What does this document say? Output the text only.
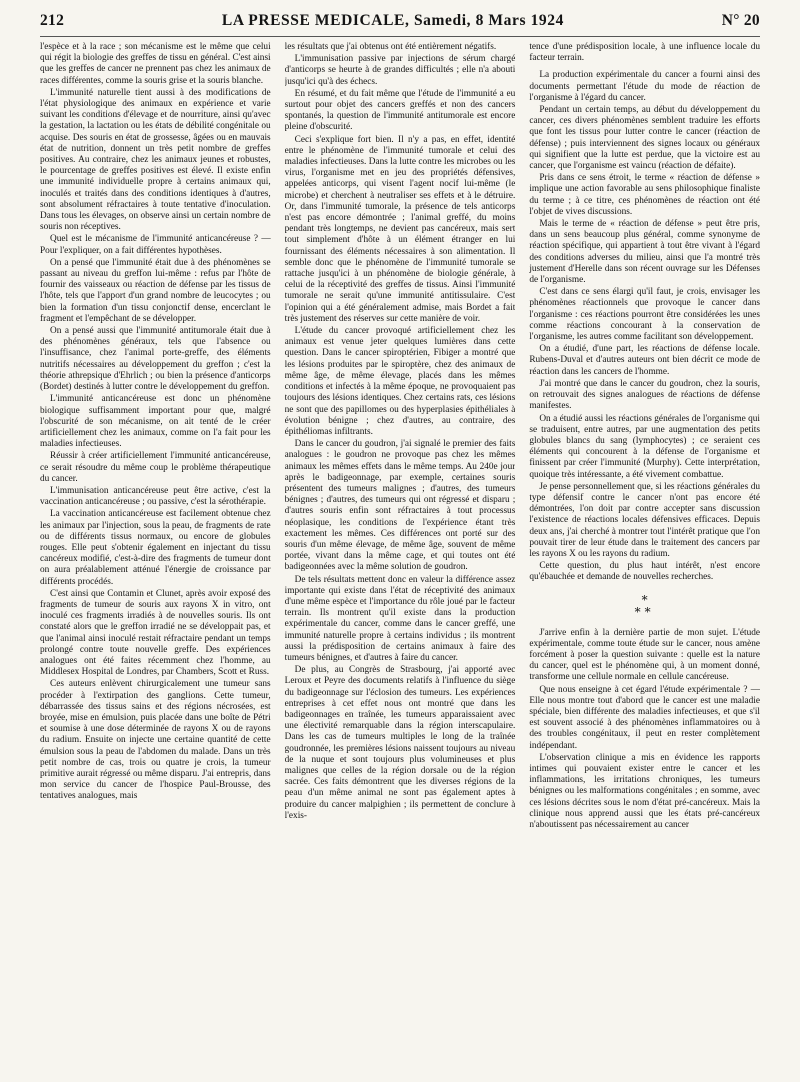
212	LA PRESSE MEDICALE, Samedi, 8 Mars 1924	N° 20

l'espèce et à la race ; son mécanisme est le même que celui qui régit la biologie des greffes de tissu en général. C'est ainsi que les greffes de cancer ne prennent pas chez les animaux de races différentes, comme la souris grise et la souris blanche.

L'immunité naturelle tient aussi à des modifications de l'état physiologique des animaux en expérience et varie suivant les conditions d'élevage et de nourriture, ainsi qu'avec la gestation, la lactation ou les états de débilité congénitale ou acquise. Des souris en état de grossesse, âgées ou en mauvais état de nutrition, donnent un très petit nombre de greffes positives. Au contraire, chez les animaux jeunes et robustes, le pourcentage de greffes positives est élevé. Il existe enfin une immunité individuelle propre à certains animaux qui, inoculés et traités dans des conditions identiques à d'autres, sont absolument réfractaires à toute tentative d'inoculation. Dans tous les élevages, on observe ainsi un certain nombre de souris non réceptives.

Quel est le mécanisme de l'immunité anticancéreuse ? — Pour l'expliquer, on a fait différentes hypothèses.

On a pensé que l'immunité était due à des phénomènes se passant au niveau du greffon lui-même : refus par l'hôte de fournir des vaisseaux ou réaction de défense par les tissus de l'hôte, tels que l'apport d'un grand nombre de leucocytes ; ou bien la formation d'un tissu conjonctif dense, encerclant le fragment et l'empêchant de se développer.

On a pensé aussi que l'immunité antitumorale était due à des phénomènes généraux, tels que l'absence ou l'insuffisance, chez l'animal porte-greffe, des éléments nutritifs nécessaires au développement du greffon ; c'est la théorie athrepsique d'Ehrlich ; ou bien la présence d'anticorps (Bordet) destinés à lutter contre le développement du greffon.

L'immunité anticancéreuse est donc un phénomène biologique suffisamment important pour que, malgré l'obscurité de son mécanisme, on ait tenté de le créer artificiellement chez les animaux, comme on l'a fait pour les maladies infectieuses.

Réussir à créer artificiellement l'immunité anticancéreuse, ce serait résoudre du même coup le problème thérapeutique du cancer.

L'immunisation anticancéreuse peut être active, c'est la vaccination anticancéreuse ; ou passive, c'est la sérothérapie.

La vaccination anticancéreuse est facilement obtenue chez les animaux par l'injection, sous la peau, de fragments de rate ou de différents tissus normaux, ou encore de globules rouges. Elle peut s'obtenir également en injectant du tissu cancéreux modifié, c'est-à-dire des fragments de tumeur dont on aura préalablement atténué l'énergie de croissance par différents procédés.

C'est ainsi que Contamin et Clunet, après avoir exposé des fragments de tumeur de souris aux rayons X in vitro, ont inoculé ces fragments irradiés à de nouvelles souris. Ils ont constaté alors que le greffon irradié ne se développait pas, et que l'animal ainsi inoculé restait réfractaire pendant un temps prolongé contre toute nouvelle greffe. Des expériences analogues ont été faites récemment chez l'homme, au Middlesex Hospital de Londres, par Chambers, Scott et Russ.

Ces auteurs enlèvent chirurgicalement une tumeur sans procéder à l'extirpation des ganglions. Cette tumeur, débarrassée des tissus sains et des régions nécrosées, est broyée, mise en émulsion, puis placée dans une boîte de Pétri et soumise à une dose déterminée de rayons X ou de rayons du radium. Ensuite on injecte une certaine quantité de cette émulsion sous la peau de l'abdomen du malade. Dans un très petit nombre de cas, trois ou quatre je crois, la tumeur primitive aurait régressé ou même disparu. J'ai entrepris, dans mon service du cancer de l'hospice Paul-Brousse, des tentatives analogues, mais

les résultats que j'ai obtenus ont été entièrement négatifs.

L'immunisation passive par injections de sérum chargé d'anticorps se heurte à de grandes difficultés ; elle n'a abouti jusqu'ici qu'à des échecs.

En résumé, et du fait même que l'étude de l'immunité a eu surtout pour objet des cancers greffés et non des cancers spontanés, la question de l'immunité antitumorale est encore pleine d'obscurité.

Ceci s'explique fort bien. Il n'y a pas, en effet, identité entre le phénomène de l'immunité tumorale et celui des maladies infectieuses. Dans la lutte contre les microbes ou les virus, l'organisme met en jeu des propriétés défensives, appelées anticorps, qui visent l'agent nocif lui-même (le microbe) et cherchent à neutraliser ses effets et à le détruire. Or, dans l'immunité tumorale, la présence de tels anticorps n'est pas encore démontrée ; l'animal greffé, du moins pendant très longtemps, ne devient pas cancéreux, mais sert tout simplement d'hôte à un élément étranger en lui fournissant des éléments nécessaires à son alimentation. Il semble donc que le phénomène de l'immunité tumorale se rattache jusqu'ici à un phénomène de biologie générale, à celui de la réceptivité des greffes de tissus. Ainsi l'immunité tumorale ne serait qu'une immunité antitissulaire. C'est l'opinion qui a été généralement admise, mais Bordet a fait très justement des réserves sur cette manière de voir.

L'étude du cancer provoqué artificiellement chez les animaux est venue jeter quelques lumières dans cette question. Dans le cancer spiroptérien, Fibiger a montré que les lésions produites par le spiroptère, chez des animaux de même âge, de même élevage, placés dans les mêmes conditions et infectés à la même époque, ne provoquaient pas toujours des lésions identiques. Chez certains rats, ces lésions ne sont que des papillomes ou des hyperplasies épithéliales à évolution bénigne ; chez d'autres, au contraire, des épithéliomas infiltrants.

Dans le cancer du goudron, j'ai signalé le premier des faits analogues : le goudron ne provoque pas chez les mêmes animaux les mêmes effets dans le même temps. Au 240e jour après le badigeonnage, par exemple, certaines souris présentent des tumeurs malignes ; d'autres, des tumeurs bénignes ; d'autres, des tumeurs qui ont régressé et disparu ; d'autres souris enfin sont réfractaires à tout processus néoplasique, les conditions de l'expérience étant très exactement les mêmes. Ces différences ont porté sur des souris d'un même élevage, de même âge, souvent de même portée, vivant dans la même cage, et qui toutes ont été badigeonnées avec la même solution de goudron.

De tels résultats mettent donc en valeur la différence assez importante qui existe dans l'état de réceptivité des animaux d'une même espèce et l'importance du rôle joué par le facteur terrain. Ils montrent qu'il existe dans la production expérimentale du cancer, comme dans le cancer greffé, une immunité naturelle propre à certains individus ; ils montrent aussi la prédisposition de certains animaux à faire des tumeurs bénignes, et d'autres à faire du cancer.

De plus, au Congrès de Strasbourg, j'ai apporté avec Leroux et Peyre des documents relatifs à l'influence du siège du badigeonnage sur l'éclosion des tumeurs. Les expériences entreprises à cet effet nous ont montré que dans les badigeonnages en traînée, les tumeurs apparaissaient avec une électivité remarquable dans la région interscapulaire. Dans les cas de tumeurs multiples le long de la traînée goudronnée, les premières lésions naissent toujours au niveau de la nuque et sont toujours plus volumineuses et plus malignes que celles de la région dorsale ou de la région sacrée. Ces faits démontrent que les diverses régions de la peau d'un même animal ne sont pas également aptes à produire du cancer malpighien ; ils permettent de conclure à l'exis-

tence d'une prédisposition locale, à une influence locale du facteur terrain.

La production expérimentale du cancer a fourni ainsi des documents permettant l'étude du mode de réaction de l'organisme à l'égard du cancer.

Pendant un certain temps, au début du développement du cancer, ces divers phénomènes semblent traduire les efforts que font les tissus pour lutter contre le cancer (réaction de défense) ; puis interviennent des signes locaux ou généraux qui signifient que la lutte est perdue, que la victoire est au cancer, que l'organisme est vaincu (réaction de défaite).

Pris dans ce sens étroit, le terme « réaction de défense » implique une action favorable au sens philosophique finaliste du terme ; à ce titre, ces phénomènes de réaction ont été l'objet de vives discussions.

Mais le terme de « réaction de défense » peut être pris, dans un sens beaucoup plus général, comme synonyme de réaction spécifique, qui appartient à tout être vivant à l'égard des conditions adverses du milieu, ainsi que l'a montré très justement d'Herelle dans son récent ouvrage sur les Défenses de l'organisme.

C'est dans ce sens élargi qu'il faut, je crois, envisager les phénomènes réactionnels que provoque le cancer dans l'organisme : ces réactions pourront être considérées les unes comme réactions concourant à la conservation de l'organisme, les autres comme facilitant son développement.

On a étudié, d'une part, les réactions de défense locale. Rubens-Duval et d'autres auteurs ont bien décrit ce mode de réaction dans les cancers de l'homme.

J'ai montré que dans le cancer du goudron, chez la souris, on retrouvait des signes analogues de réactions de défense manifestes.

On a étudié aussi les réactions générales de l'organisme qui se traduisent, entre autres, par une augmentation des petits globules blancs du sang (lymphocytes) ; ce seraient ces éléments qui concourent à la défense de l'organisme et finissent par créer l'immunité (Murphy). Cette interprétation, quoique très intéressante, a été vivement combattue.

Je pense personnellement que, si les réactions générales du type défensif contre le cancer n'ont pas encore été démontrées, l'on doit par contre accepter sans discussion l'existence de réactions locales défensives efficaces. Depuis deux ans, j'ai cherché à montrer tout l'intérêt pratique que l'on pouvait tirer de leur étude dans le traitement des cancers par les rayons X ou les rayons du radium.

Cette question, du plus haut intérêt, n'est encore qu'ébauchée et demande de nouvelles recherches.

*
**

J'arrive enfin à la dernière partie de mon sujet. L'étude expérimentale, comme toute étude sur le cancer, nous amène forcément à poser la question suivante : quelle est la nature du cancer, quel est le phénomène qui, à un moment donné, transforme une cellule normale en cellule cancéreuse.

Que nous enseigne à cet égard l'étude expérimentale ? — Elle nous montre tout d'abord que le cancer est une maladie spéciale, bien différente des maladies infectieuses, et que s'il est souvent associé à des phénomènes inflammatoires ou à des troubles congénitaux, il peut en rester complètement indépendant.

L'observation clinique a mis en évidence les rapports intimes qui pouvaient exister entre le cancer et les inflammations, les irritations chroniques, les tumeurs bénignes ou les malformations congénitales ; en somme, avec ces lésions décrites sous le nom d'état pré-cancéreux. Mais la clinique nous apprend aussi que les états pré-cancéreux n'aboutissent pas nécessairement au cancer
